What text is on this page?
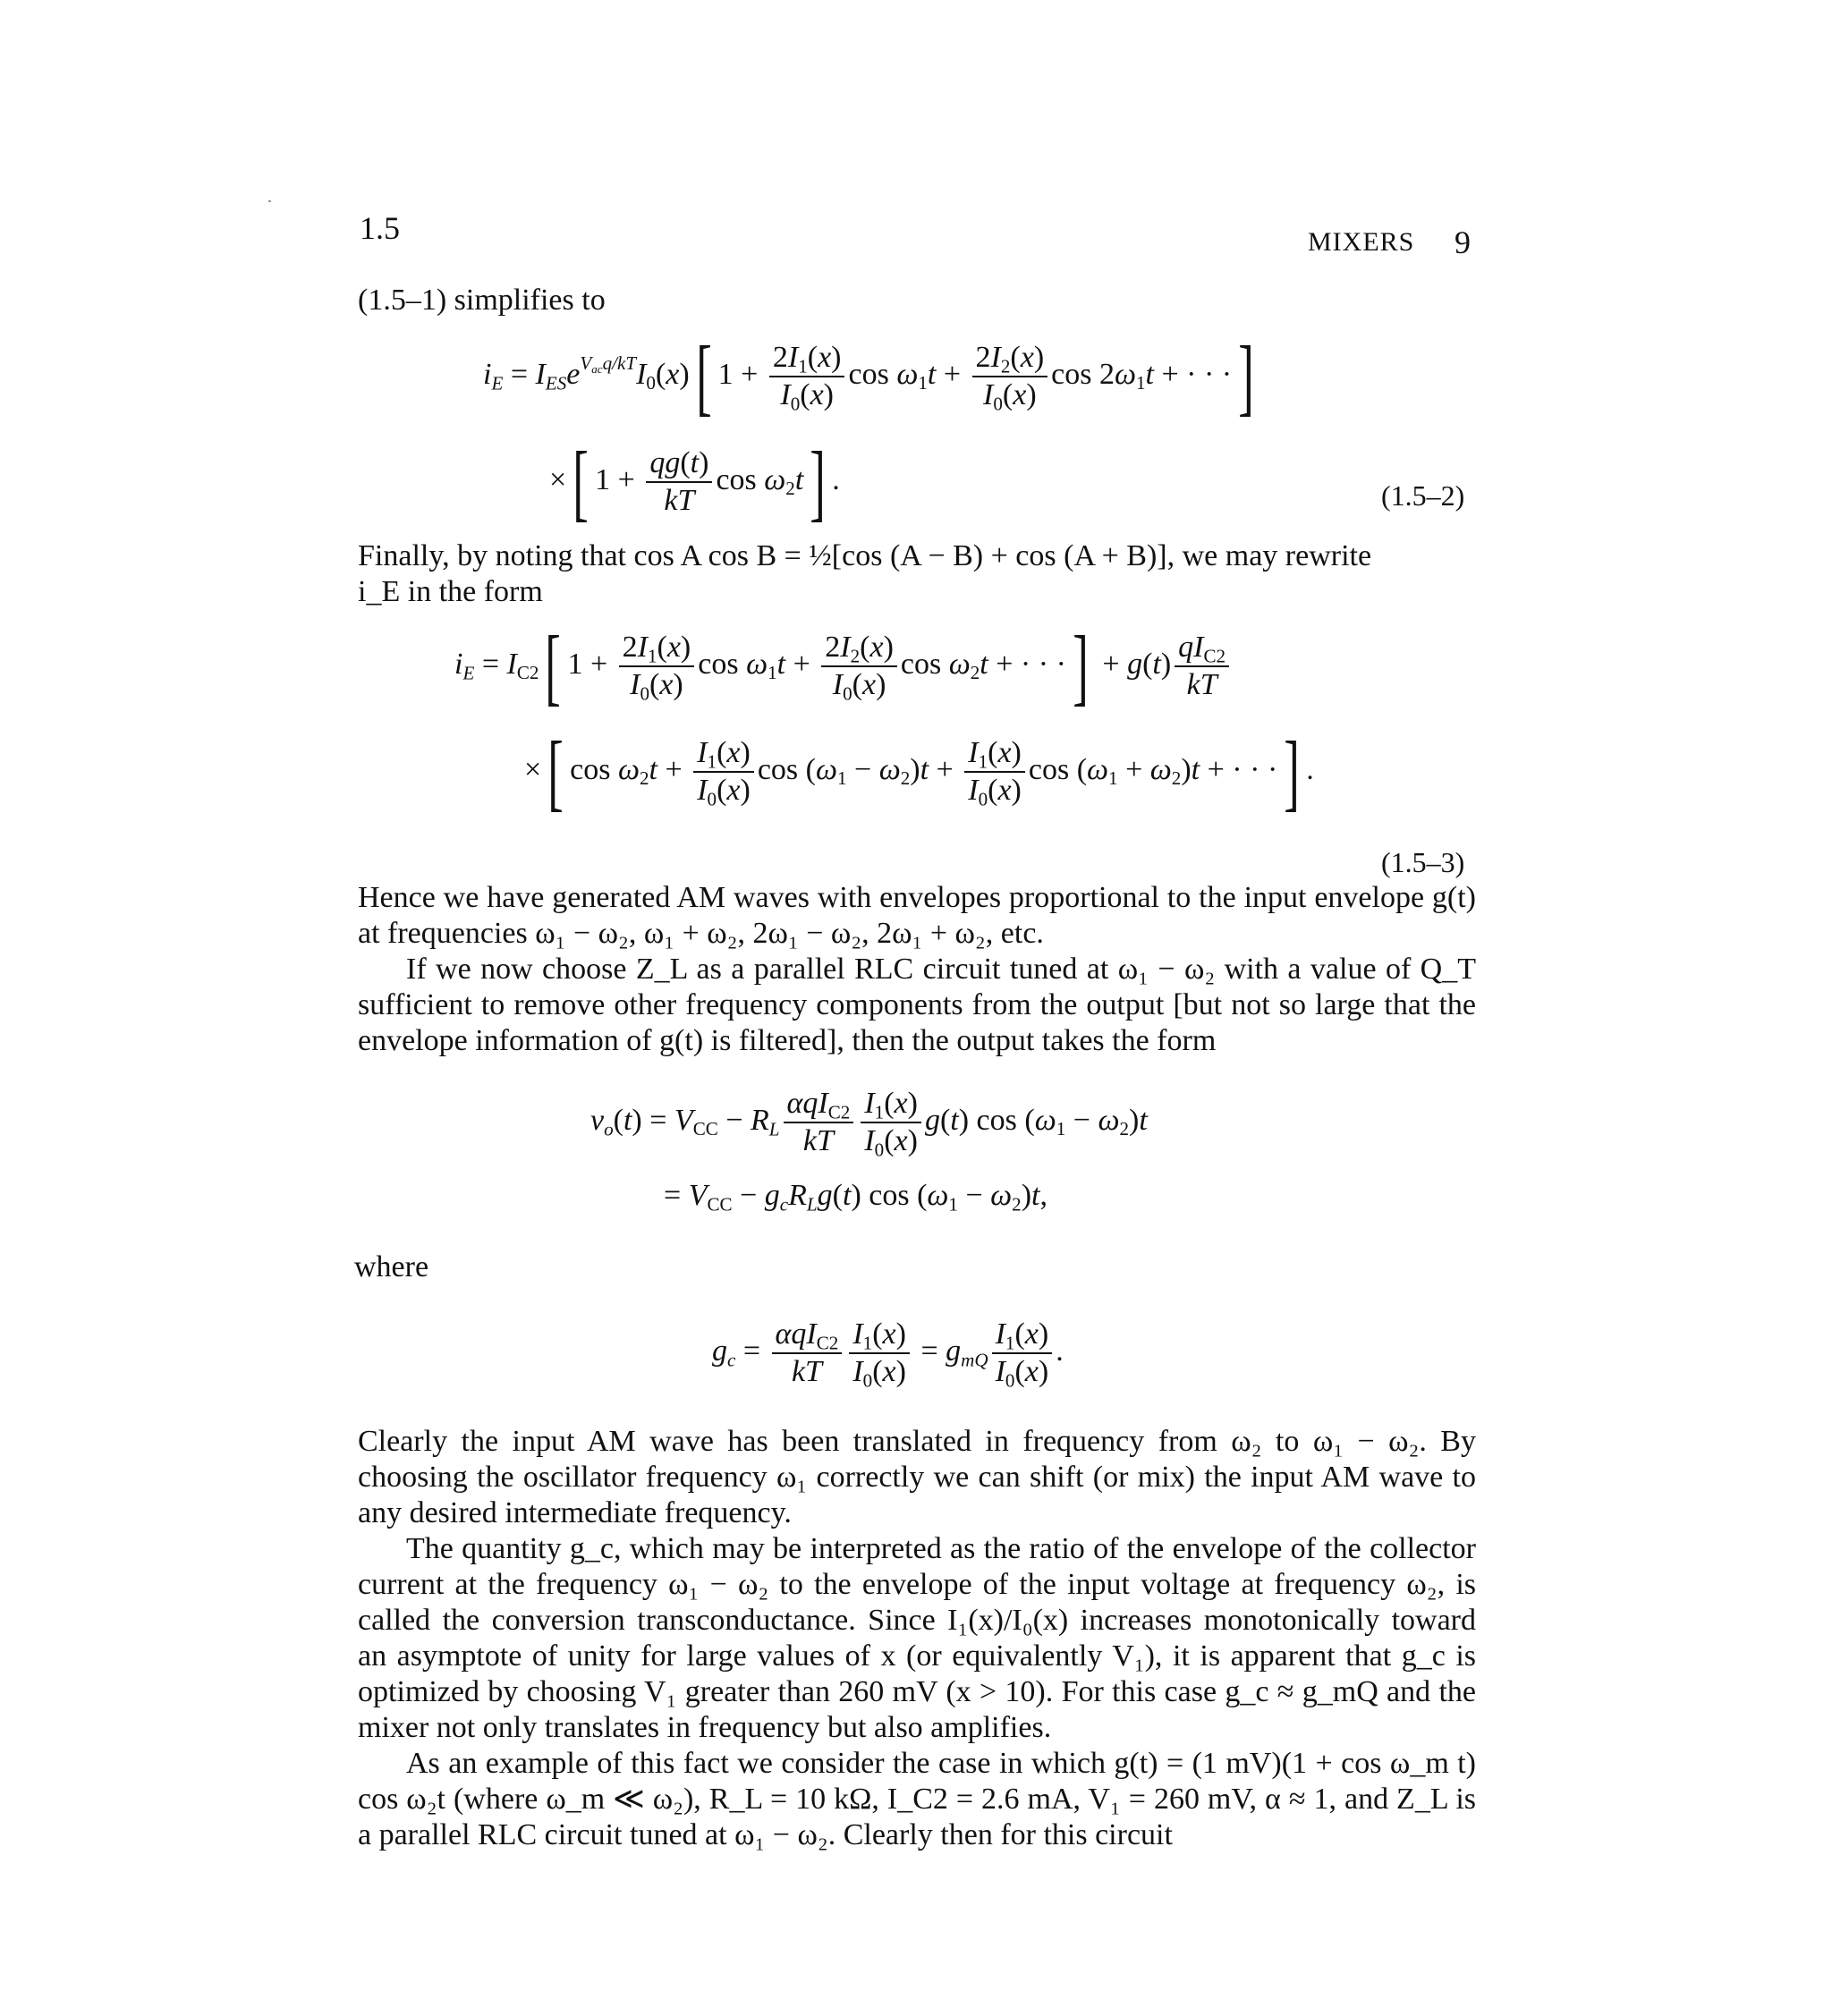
1.5	MIXERS 9
(1.5–1) simplifies to
$i_E = I_{ES}e^{V_{ac}q/kT}I_0(x)$[ $1 + \frac{2I_1(x)}{I_0(x)}$ $\cos \omega_1t + \frac{2I_2(x)}{I_0(x)}$ $\cos 2\omega_1t$ + · · ·]
×[ $1 + \frac{qg(t)}{kT}$ $\cos \omega_2t$] .	(1.5–2)

Finally, by noting that cos A cos B = ½[cos (A − B) + cos (A + B)], we may rewrite

i_E in the form

$i_E = I_{C2}$[ $1 + \frac{2I_1(x)}{I_0(x)}$ $\cos \omega_1t + \frac{2I_2(x)}{I_0(x)}$ $\cos \omega_2t$ + · · ·] + $g(t) \frac{qI_{C2}}{kT}$
×[ $\cos \omega_2t + \frac{I_1(x)}{I_0(x)}$ $\cos (\omega_1 - \omega_2)t + \frac{I_1(x)}{I_0(x)}$ $\cos (\omega_1 + \omega_2)t$ + · · ·] .
(1.5–3)

Hence we have generated AM waves with envelopes proportional to the input envelope g(t) at frequencies ω₁ − ω₂, ω₁ + ω₂, 2ω₁ − ω₂, 2ω₁ + ω₂, etc.

If we now choose Z_L as a parallel RLC circuit tuned at ω₁ − ω₂ with a value of Q_T sufficient to remove other frequency components from the output [but not so large that the envelope information of g(t) is filtered], then the output takes the form

$v_o(t) = V_{CC} - R_L \frac{\alpha qI_{C2}}{kT} \frac{I_1(x)}{I_0(x)} g(t)$ $\cos (\omega_1 - \omega_2)t$
= $V_{CC} - g_cR_Lg(t)$ $\cos (\omega_1 - \omega_2)t$,
where
$g_c = \frac{\alpha qI_{C2}}{kT} \frac{I_1(x)}{I_0(x)} = g_{mQ} \frac{I_1(x)}{I_0(x)}$ .

Clearly the input AM wave has been translated in frequency from ω₂ to ω₁ − ω₂. By choosing the oscillator frequency ω₁ correctly we can shift (or mix) the input AM wave to any desired intermediate frequency.

The quantity g_c, which may be interpreted as the ratio of the envelope of the collector current at the frequency ω₁ − ω₂ to the envelope of the input voltage at frequency ω₂, is called the conversion transconductance. Since I₁(x)/I₀(x) increases monotonically toward an asymptote of unity for large values of x (or equivalently V₁), it is apparent that g_c is optimized by choosing V₁ greater than 260 mV (x > 10). For this case g_c ≈ g_mQ and the mixer not only translates in frequency but also amplifies.

As an example of this fact we consider the case in which g(t) = (1 mV)(1 + cos ω_m t) cos ω₂t (where ω_m ≪ ω₂), R_L = 10 kΩ, I_C2 = 2.6 mA, V₁ = 260 mV, α ≈ 1, and Z_L is a parallel RLC circuit tuned at ω₁ − ω₂. Clearly then for this circuit
